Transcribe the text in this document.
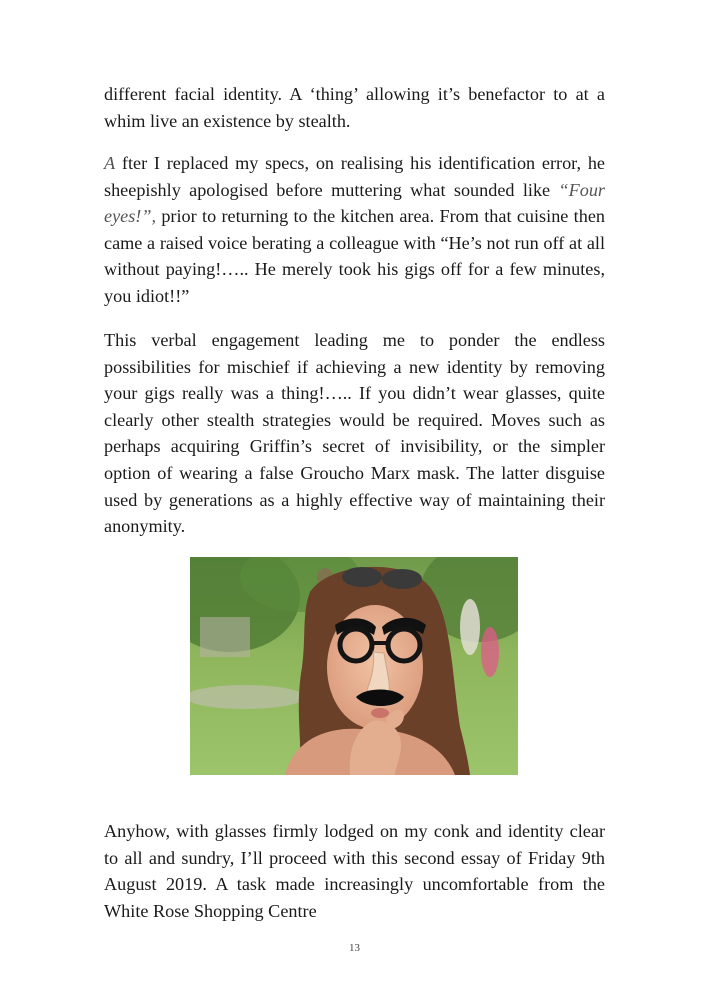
different facial identity. A ‘thing’ allowing it’s benefactor to at a whim live an existence by stealth.

A fter I replaced my specs, on realising his identification error, he sheepishly apologised before muttering what sounded like “Four eyes!”, prior to returning to the kitchen area. From that cuisine then came a raised voice berating a colleague with “He’s not run off at all without paying!….. He merely took his gigs off for a few minutes, you idiot!!”

This verbal engagement leading me to ponder the endless possibilities for mischief if achieving a new identity by removing your gigs really was a thing!….. If you didn’t wear glasses, quite clearly other stealth strategies would be required. Moves such as perhaps acquiring Griffin’s secret of invisibility, or the simpler option of wearing a false Groucho Marx mask. The latter disguise used by generations as a highly effective way of maintaining their anonymity.

Anyhow, with glasses firmly lodged on my conk and identity clear to all and sundry, I’ll proceed with this second essay of Friday 9th August 2019. A task made increasingly uncomfortable from the White Rose Shopping Centre

13
